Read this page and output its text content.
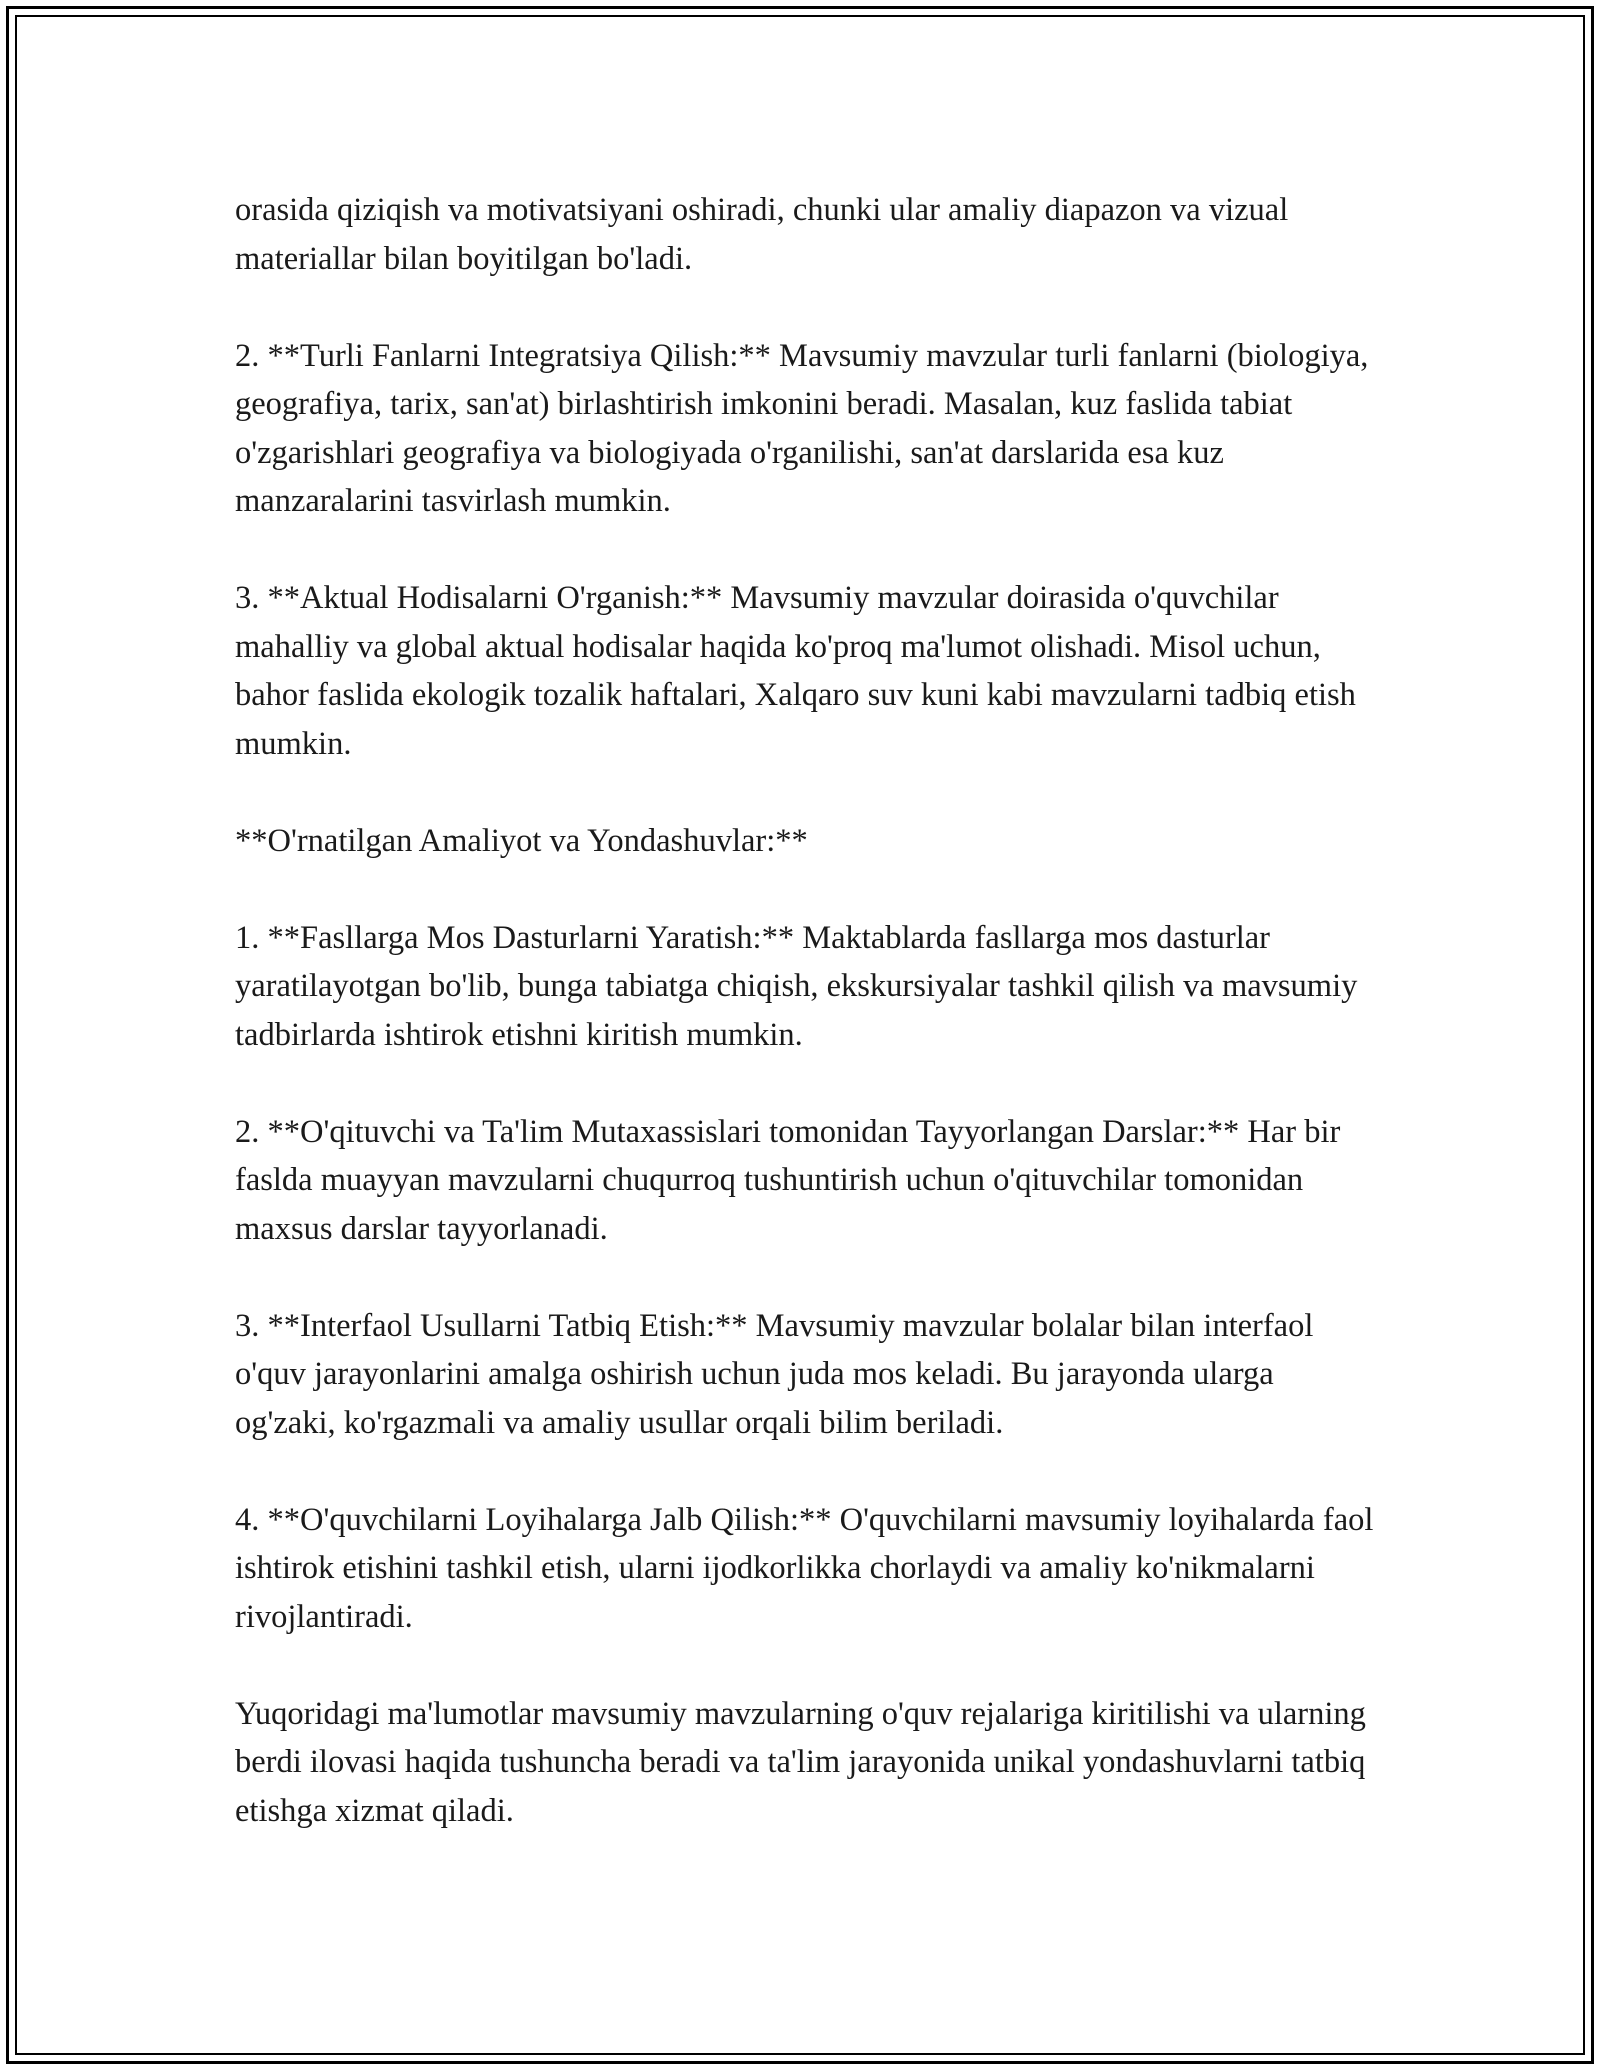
orasida qiziqish va motivatsiyani oshiradi, chunki ular amaliy diapazon va vizual materiallar bilan boyitilgan bo'ladi.

2. **Turli Fanlarni Integratsiya Qilish:** Mavsumiy mavzular turli fanlarni (biologiya, geografiya, tarix, san'at) birlashtirish imkonini beradi. Masalan, kuz faslida tabiat o'zgarishlari geografiya va biologiyada o'rganilishi, san'at darslarida esa kuz manzaralarini tasvirlash mumkin.

3. **Aktual Hodisalarni O'rganish:** Mavsumiy mavzular doirasida o'quvchilar mahalliy va global aktual hodisalar haqida ko'proq ma'lumot olishadi. Misol uchun, bahor faslida ekologik tozalik haftalari, Xalqaro suv kuni kabi mavzularni tadbiq etish mumkin.

**O'rnatilgan Amaliyot va Yondashuvlar:**

1. **Fasllarga Mos Dasturlarni Yaratish:** Maktablarda fasllarga mos dasturlar yaratilayotgan bo'lib, bunga tabiatga chiqish, ekskursiyalar tashkil qilish va mavsumiy tadbirlarda ishtirok etishni kiritish mumkin.

2. **O'qituvchi va Ta'lim Mutaxassislari tomonidan Tayyorlangan Darslar:** Har bir faslda muayyan mavzularni chuqurroq tushuntirish uchun o'qituvchilar tomonidan maxsus darslar tayyorlanadi.

3. **Interfaol Usullarni Tatbiq Etish:** Mavsumiy mavzular bolalar bilan interfaol o'quv jarayonlarini amalga oshirish uchun juda mos keladi. Bu jarayonda ularga og'zaki, ko'rgazmali va amaliy usullar orqali bilim beriladi.

4. **O'quvchilarni Loyihalarga Jalb Qilish:** O'quvchilarni mavsumiy loyihalarda faol ishtirok etishini tashkil etish, ularni ijodkorlikka chorlaydi va amaliy ko'nikmalarni rivojlantiradi.

Yuqoridagi ma'lumotlar mavsumiy mavzularning o'quv rejalariga kiritilishi va ularning berdi ilovasi haqida tushuncha beradi va ta'lim jarayonida unikal yondashuvlarni tatbiq etishga xizmat qiladi.
